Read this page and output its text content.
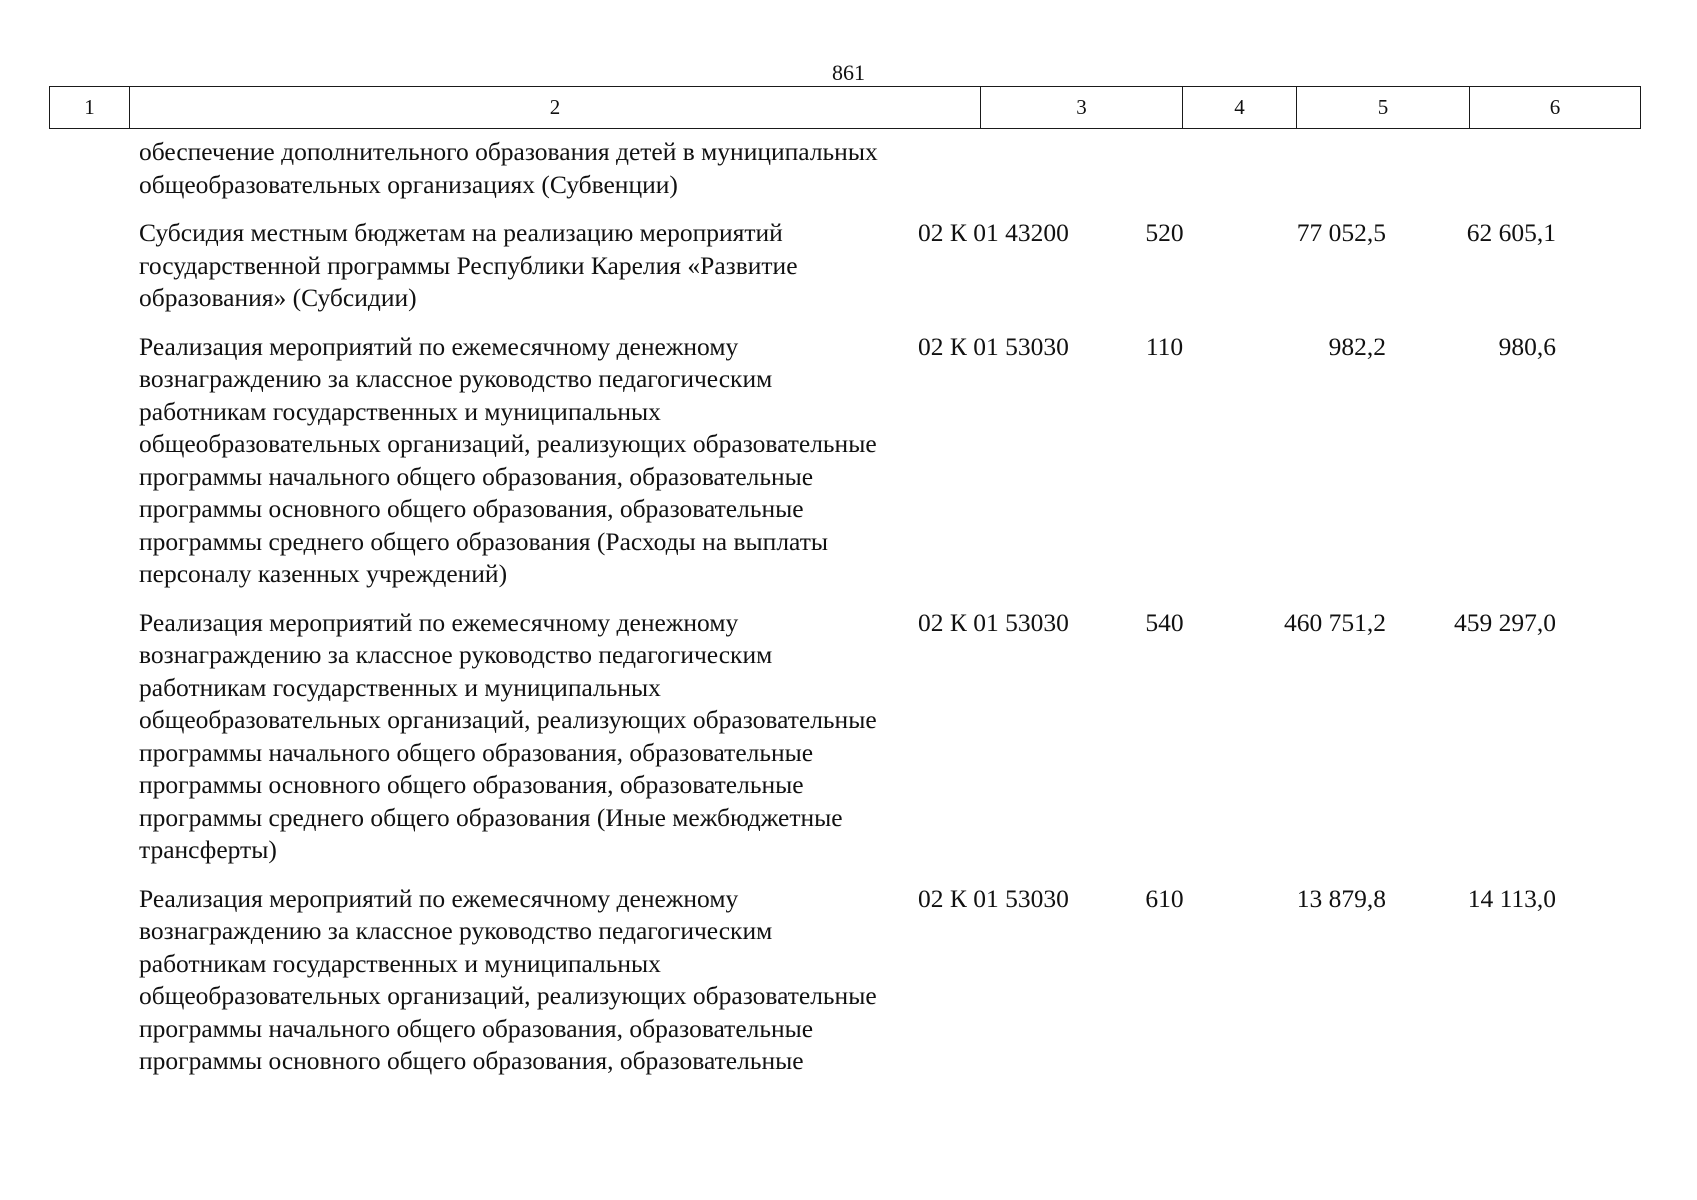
861
1	2	3	4	5	6
обеспечение дополнительного образования детей в муниципальных
общеобразовательных организациях (Субвенции)
Субсидия местным бюджетам на реализацию мероприятий
государственной программы Республики Карелия «Развитие
образования» (Субсидии)
02 К 01 43200	520	77 052,5	62 605,1
Реализация мероприятий по ежемесячному денежному
вознаграждению за классное руководство педагогическим
работникам государственных и муниципальных
общеобразовательных организаций, реализующих образовательные
программы начального общего образования, образовательные
программы основного общего образования, образовательные
программы среднего общего образования (Расходы на выплаты
персоналу казенных учреждений)
02 К 01 53030	110	982,2	980,6
Реализация мероприятий по ежемесячному денежному
вознаграждению за классное руководство педагогическим
работникам государственных и муниципальных
общеобразовательных организаций, реализующих образовательные
программы начального общего образования, образовательные
программы основного общего образования, образовательные
программы среднего общего образования (Иные межбюджетные
трансферты)
02 К 01 53030	540	460 751,2	459 297,0
Реализация мероприятий по ежемесячному денежному
вознаграждению за классное руководство педагогическим
работникам государственных и муниципальных
общеобразовательных организаций, реализующих образовательные
программы начального общего образования, образовательные
программы основного общего образования, образовательные
02 К 01 53030	610	13 879,8	14 113,0
